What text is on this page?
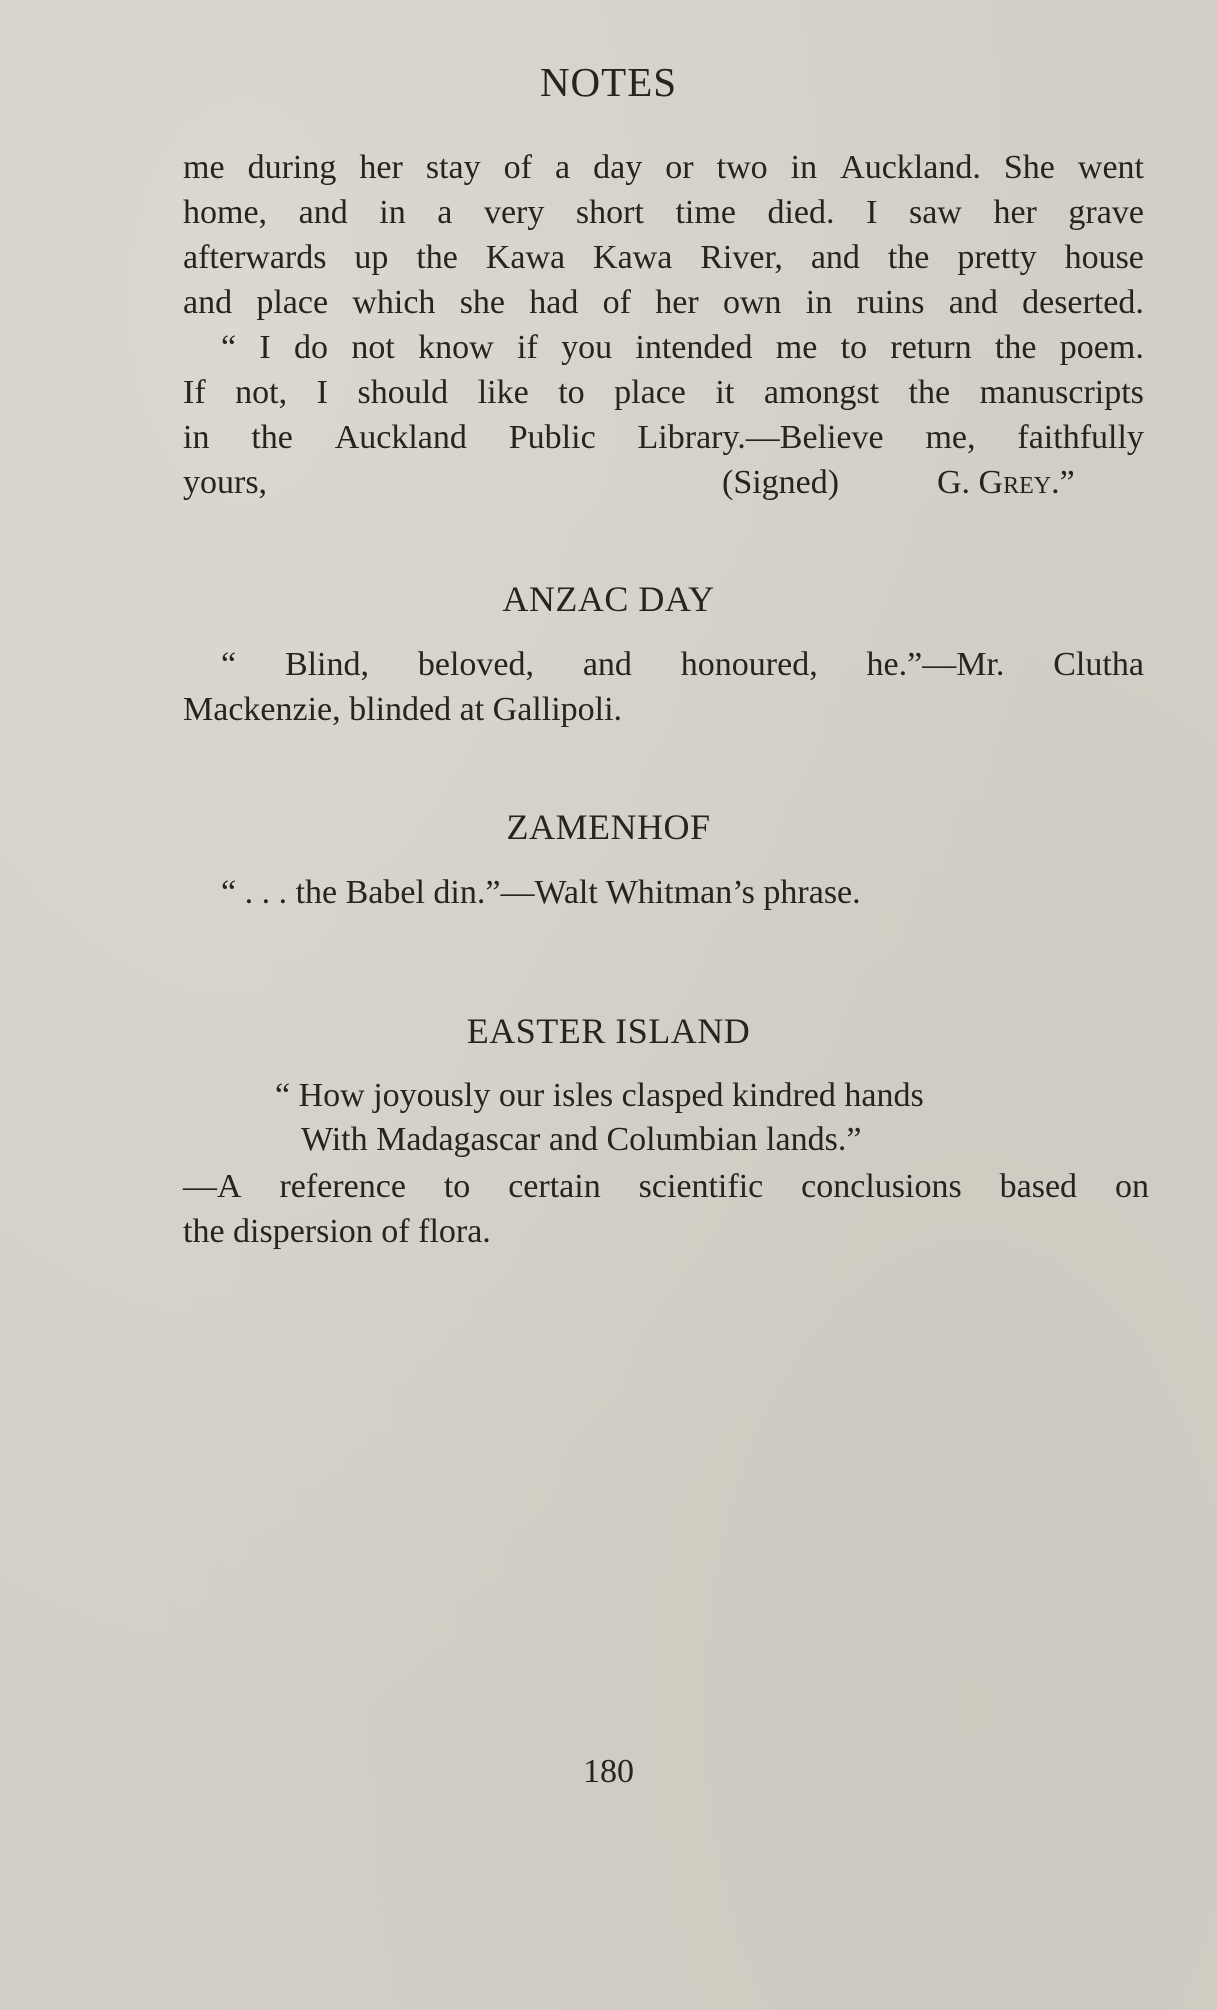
NOTES
me during her stay of a day or two in Auckland. She went
home, and in a very short time died. I saw her grave
afterwards up the Kawa Kawa River, and the pretty house
and place which she had of her own in ruins and deserted.
“ I do not know if you intended me to return the poem.
If not, I should like to place it amongst the manuscripts
in the Auckland Public Library.—Believe me, faithfully
yours,	(Signed)	G. Grey.”
ANZAC DAY
“ Blind, beloved, and honoured, he.”—Mr. Clutha
Mackenzie, blinded at Gallipoli.
ZAMENHOF
“ . . . the Babel din.”—Walt Whitman’s phrase.
EASTER ISLAND
“ How joyously our isles clasped kindred hands
With Madagascar and Columbian lands.”
—A reference to certain scientific conclusions based on
the dispersion of flora.
180
